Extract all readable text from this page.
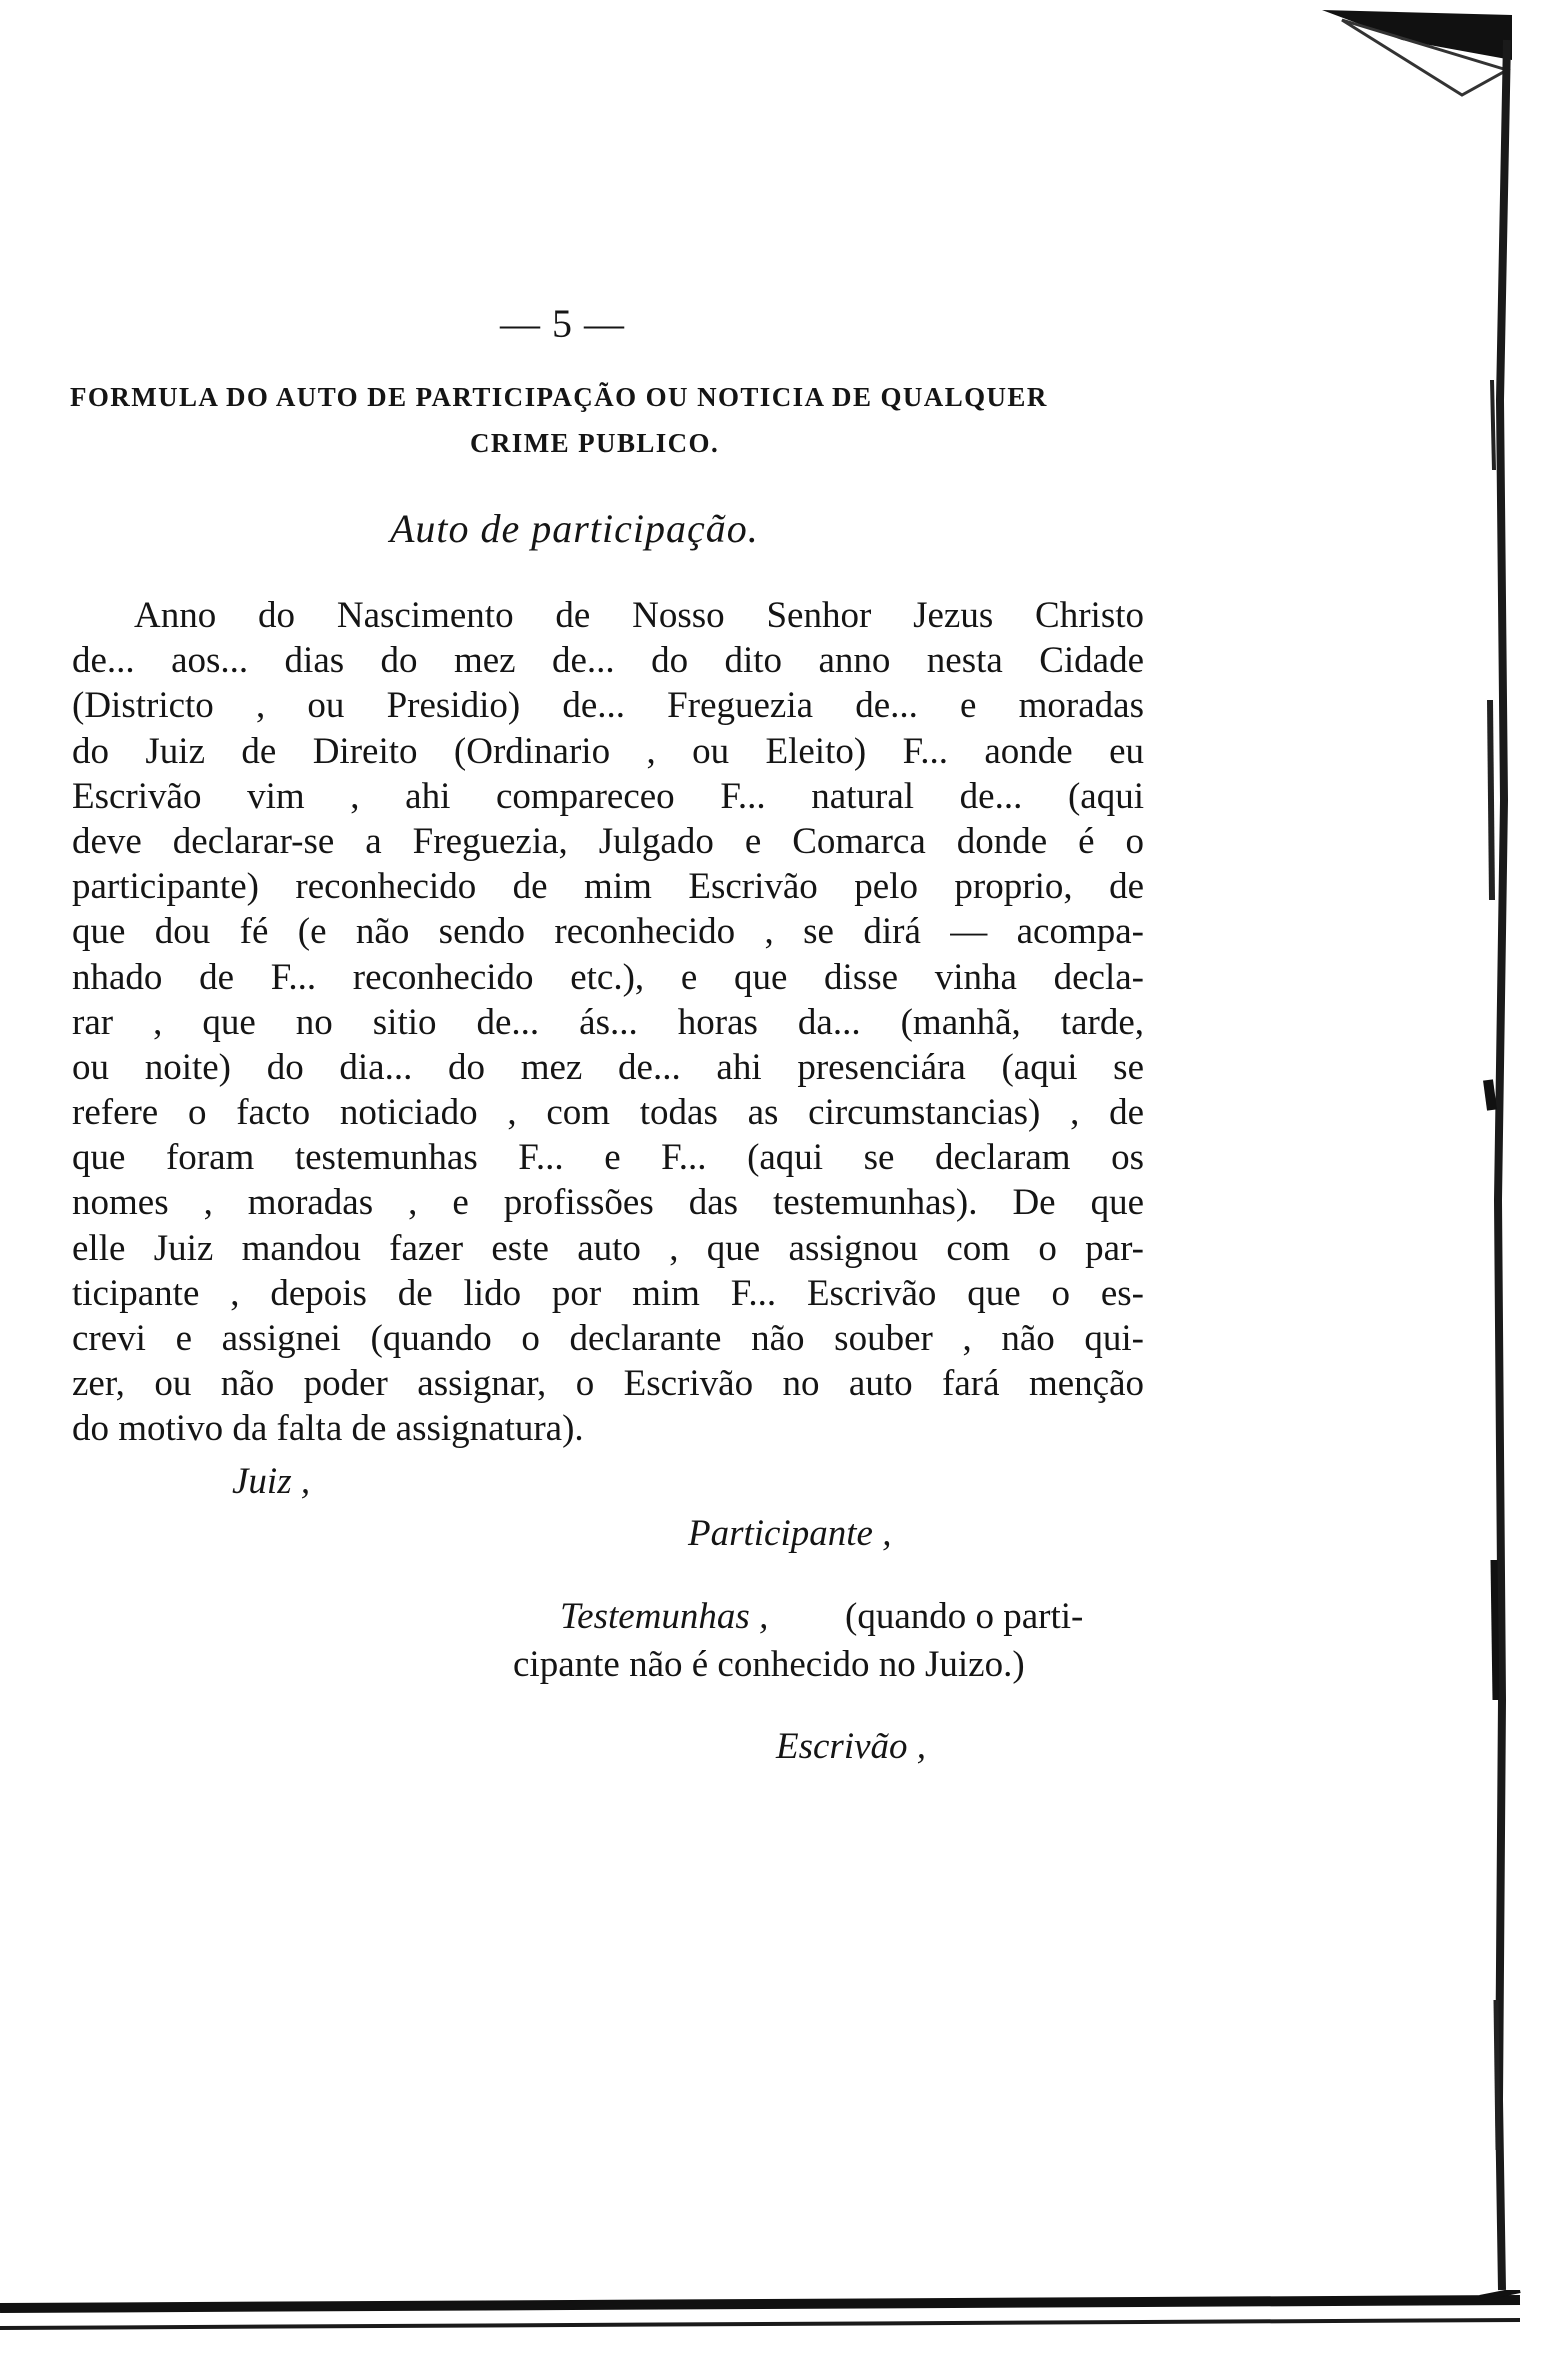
— 5 —
FORMULA DO AUTO DE PARTICIPAÇÃO OU NOTICIA DE QUALQUER
CRIME PUBLICO.
Auto de participação.
Anno do Nascimento de Nosso Senhor Jezus Christo
de... aos... dias do mez de... do dito anno nesta Cidade
(Districto , ou Presidio) de... Freguezia de... e moradas
do Juiz de Direito (Ordinario , ou Eleito) F... aonde eu
Escrivão vim , ahi compareceo F... natural de... (aqui
deve declarar-se a Freguezia, Julgado e Comarca donde é o
participante) reconhecido de mim Escrivão pelo proprio, de
que dou fé (e não sendo reconhecido , se dirá — acompa-
nhado de F... reconhecido etc.), e que disse vinha decla-
rar , que no sitio de... ás... horas da... (manhã, tarde,
ou noite) do dia... do mez de... ahi presenciára (aqui se
refere o facto noticiado , com todas as circumstancias) , de
que foram testemunhas F... e F... (aqui se declaram os
nomes , moradas , e profissões das testemunhas). De que
elle Juiz mandou fazer este auto , que assignou com o par-
ticipante , depois de lido por mim F... Escrivão que o es-
crevi e assignei (quando o declarante não souber , não qui-
zer, ou não poder assignar, o Escrivão no auto fará menção
do motivo da falta de assignatura).
Juiz ,
Participante ,
Testemunhas , (quando o parti-
cipante não é conhecido no Juizo.)
Escrivão ,
